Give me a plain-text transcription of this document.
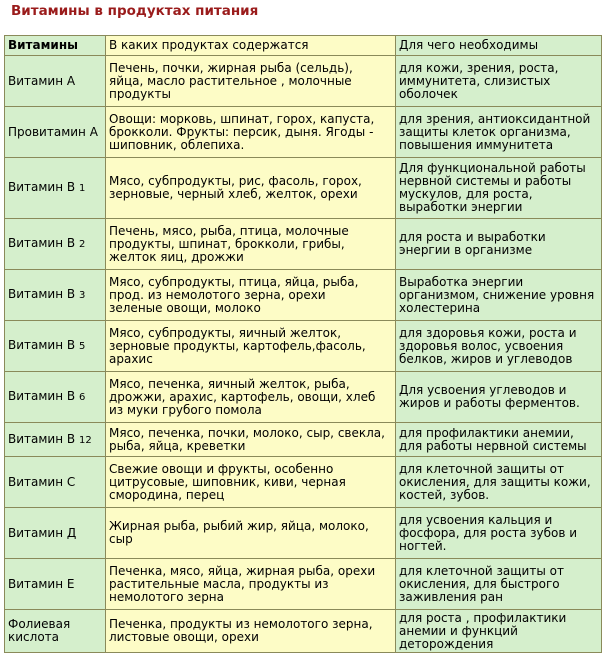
Витамины в продуктах питания
Витамины	В каких продуктах содержатся	Для чего необходимы
Витамин А	Печень, почки, жирная рыба (сельдь),
яйца, масло растительное , молочные
продукты	для кожи, зрения, роста,
иммунитета, слизистых
оболочек
Провитамин А	Овощи: морковь, шпинат, горох, капуста,
брокколи. Фрукты: персик, дыня. Ягоды -
шиповник, облепиха.	для зрения, антиоксидантной
защиты клеток организма,
повышения иммунитета
Витамин В 1	Мясо, субпродукты, рис, фасоль, горох,
зерновые, черный хлеб, желток, орехи	Для функциональной работы
нервной системы и работы
мускулов, для роста,
выработки энергии
Витамин В 2	Печень, мясо, рыба, птица, молочные
продукты, шпинат, брокколи, грибы,
желток яиц, дрожжи	для роста и выработки
энергии в организме
Витамин В 3	Мясо, субпродукты, птица, яйца, рыба,
прод. из немолотого зерна, орехи
зеленые овощи, молоко	Выработка энергии
организмом, снижение уровня
холестерина
Витамин В 5	Мясо, субпродукты, яичный желток,
зерновые продукты, картофель,фасоль,
арахис	для здоровья кожи, роста и
здоровья волос, усвоения
белков, жиров и углеводов
Витамин В 6	Мясо, печенка, яичный желток, рыба,
дрожжи, арахис, картофель, овощи, хлеб
из муки грубого помола	Для усвоения углеводов и
жиров и работы ферментов.
Витамин В 12	Мясо, печенка, почки, молоко, сыр, свекла,
рыба, яйца, креветки	для профилактики анемии,
для работы нервной системы
Витамин С	Свежие овощи и фрукты, особенно
цитрусовые, шиповник, киви, черная
смородина, перец	для клеточной защиты от
окисления, для защиты кожи,
костей, зубов.
Витамин Д	Жирная рыба, рыбий жир, яйца, молоко,
сыр	для усвоения кальция и
фосфора, для роста зубов и
ногтей.
Витамин Е	Печенка, мясо, яйца, жирная рыба, орехи
растительные масла, продукты из
немолотого зерна	для клеточной защиты от
окисления, для быстрого
заживления ран
Фолиевая
кислота	Печенка, продукты из немолотого зерна,
листовые овощи, орехи	для роста , профилактики
анемии и функций
деторождения
